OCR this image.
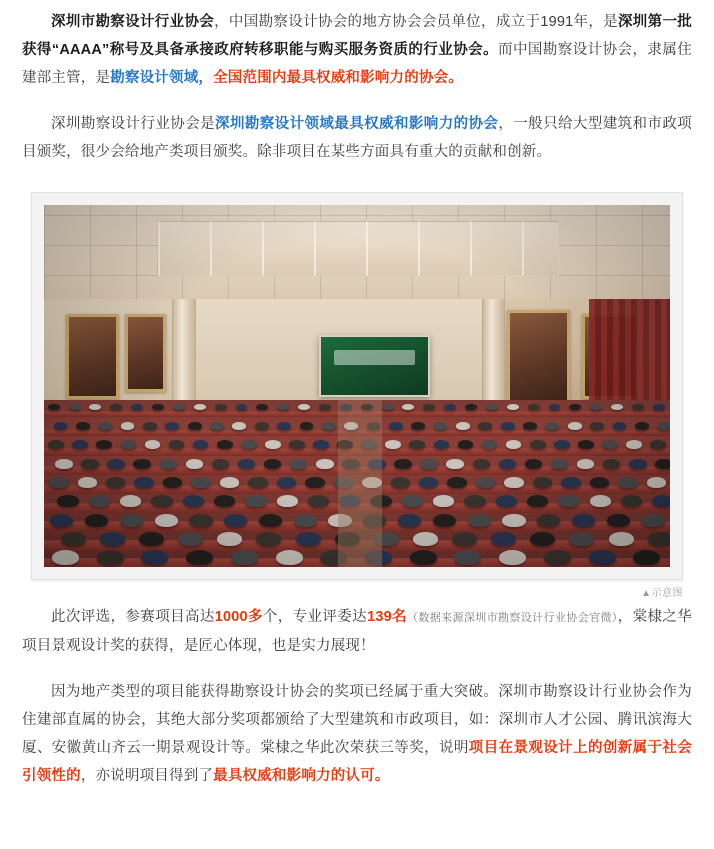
深圳市勘察设计行业协会，中国勘察设计协会的地方协会会员单位，成立于1991年，是深圳第一批获得“AAAA”称号及具备承接政府转移职能与购买服务资质的行业协会。而中国勘察设计协会，隶属住建部主管，是勘察设计领域，全国范围内最具权威和影响力的协会。

深圳勘察设计行业协会是深圳勘察设计领域最具权威和影响力的协会，一般只给大型建筑和市政项目颁奖，很少会给地产类项目颁奖。除非项目在某些方面具有重大的贡献和创新。

▲示意图

此次评选，参赛项目高达1000多个，专业评委达139名（数据来源深圳市勘察设计行业协会官微），棠棣之华项目景观设计奖的获得，是匠心体现，也是实力展现！

因为地产类型的项目能获得勘察设计协会的奖项已经属于重大突破。深圳市勘察设计行业协会作为住建部直属的协会，其绝大部分奖项都颁给了大型建筑和市政项目，如：深圳市人才公园、腾讯滨海大厦、安徽黄山齐云一期景观设计等。棠棣之华此次荣获三等奖，说明项目在景观设计上的创新属于社会引领性的，亦说明项目得到了最具权威和影响力的认可。
